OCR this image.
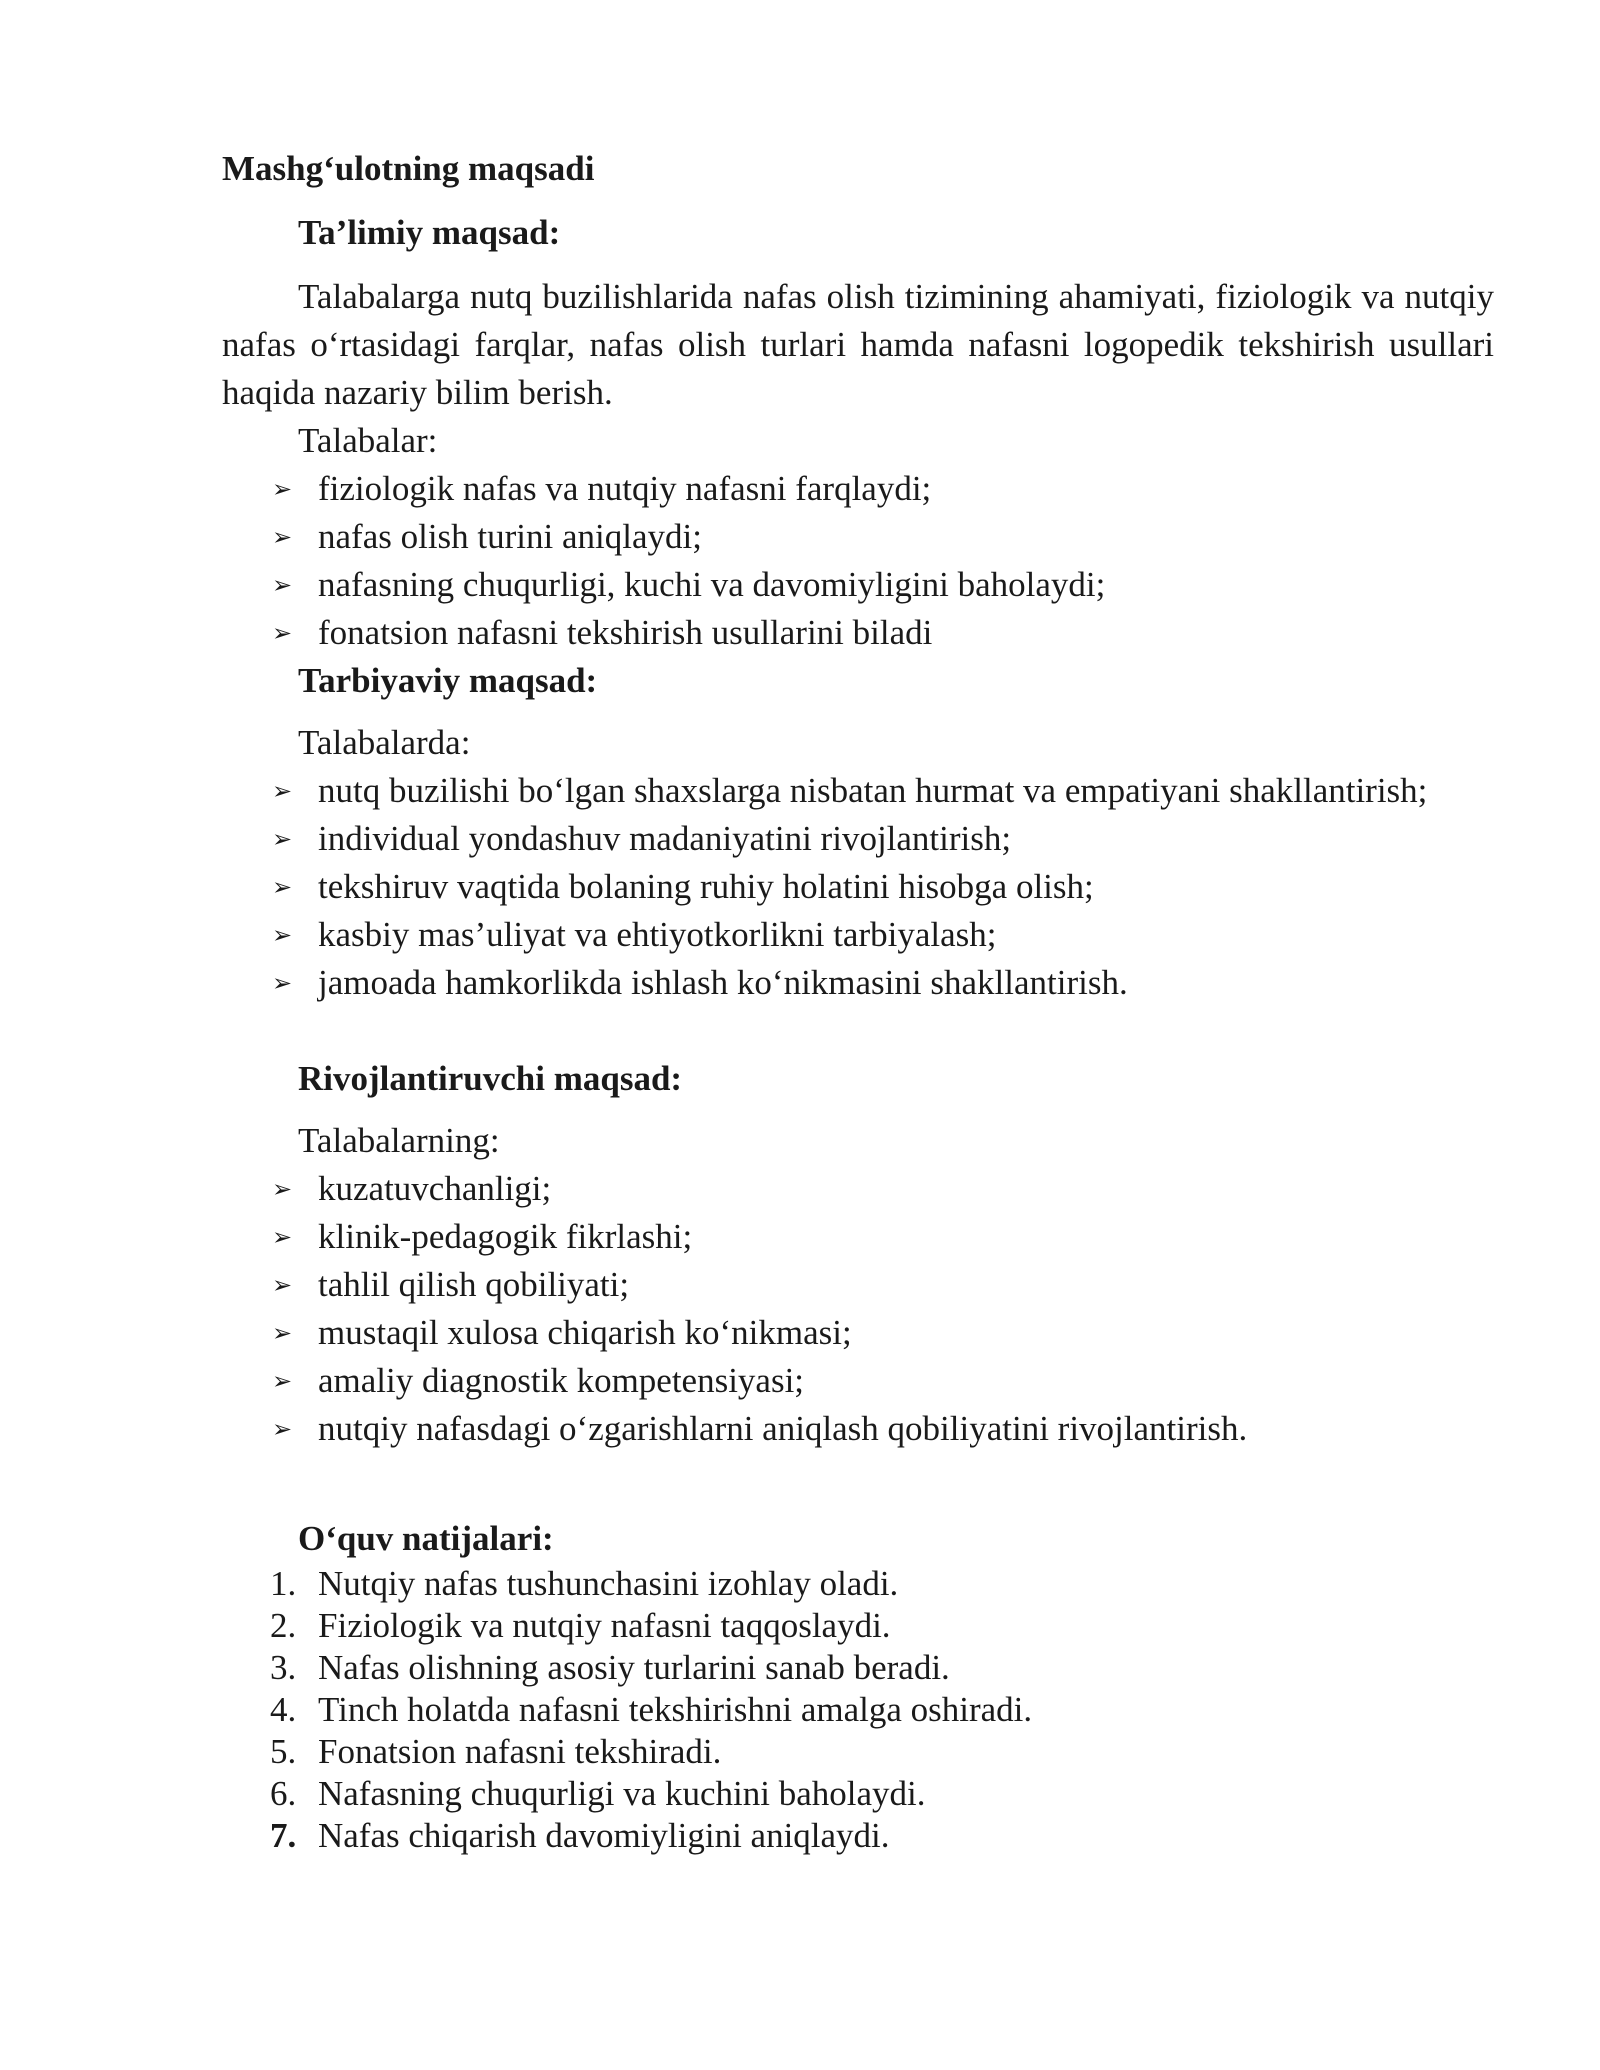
Mashg‘ulotning maqsadi

Ta’limiy maqsad:

Talabalarga nutq buzilishlarida nafas olish tizimining ahamiyati, fiziologik va nutqiy nafas o‘rtasidagi farqlar, nafas olish turlari hamda nafasni logopedik tekshirish usullari haqida nazariy bilim berish.

Talabalar:

➢ fiziologik nafas va nutqiy nafasni farqlaydi;
➢ nafas olish turini aniqlaydi;
➢ nafasning chuqurligi, kuchi va davomiyligini baholaydi;
➢ fonatsion nafasni tekshirish usullarini biladi

Tarbiyaviy maqsad:

Talabalarda:

➢ nutq buzilishi bo‘lgan shaxslarga nisbatan hurmat va empatiyani shakllantirish;
➢ individual yondashuv madaniyatini rivojlantirish;
➢ tekshiruv vaqtida bolaning ruhiy holatini hisobga olish;
➢ kasbiy mas’uliyat va ehtiyotkorlikni tarbiyalash;
➢ jamoada hamkorlikda ishlash ko‘nikmasini shakllantirish.

Rivojlantiruvchi maqsad:

Talabalarning:

➢ kuzatuvchanligi;
➢ klinik-pedagogik fikrlashi;
➢ tahlil qilish qobiliyati;
➢ mustaqil xulosa chiqarish ko‘nikmasi;
➢ amaliy diagnostik kompetensiyasi;
➢ nutqiy nafasdagi o‘zgarishlarni aniqlash qobiliyatini rivojlantirish.

O‘quv natijalari:

1. Nutqiy nafas tushunchasini izohlay oladi.
2. Fiziologik va nutqiy nafasni taqqoslaydi.
3. Nafas olishning asosiy turlarini sanab beradi.
4. Tinch holatda nafasni tekshirishni amalga oshiradi.
5. Fonatsion nafasni tekshiradi.
6. Nafasning chuqurligi va kuchini baholaydi.
7. Nafas chiqarish davomiyligini aniqlaydi.
